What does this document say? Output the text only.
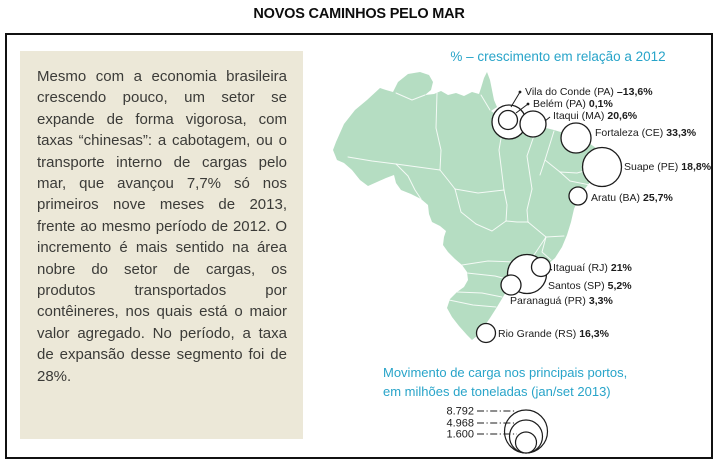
NOVOS CAMINHOS PELO MAR

Mesmo com a economia brasileira crescendo pouco, um setor se expande de forma vigorosa, com taxas “chinesas”: a cabotagem, ou o transporte interno de cargas pelo mar, que avançou 7,7% só nos primeiros nove meses de 2013, frente ao mesmo período de 2012. O incremento é mais sentido na área nobre do setor de cargas, os produtos transportados por contêineres, nos quais está o maior valor agregado. No período, a taxa de expansão desse segmento foi de 28%.

% – crescimento em relação a 2012
Vila do Conde (PA) –13,6%
Belém (PA) 0,1%
Itaqui (MA) 20,6%
Fortaleza (CE) 33,3%
Suape (PE) 18,8%
Aratu (BA) 25,7%
Itaguaí (RJ) 21%
Santos (SP) 5,2%
Paranaguá (PR) 3,3%
Rio Grande (RS) 16,3%
Movimento de carga nos principais portos,
em milhões de toneladas (jan/set 2013)
8.792
4.968
1.600
